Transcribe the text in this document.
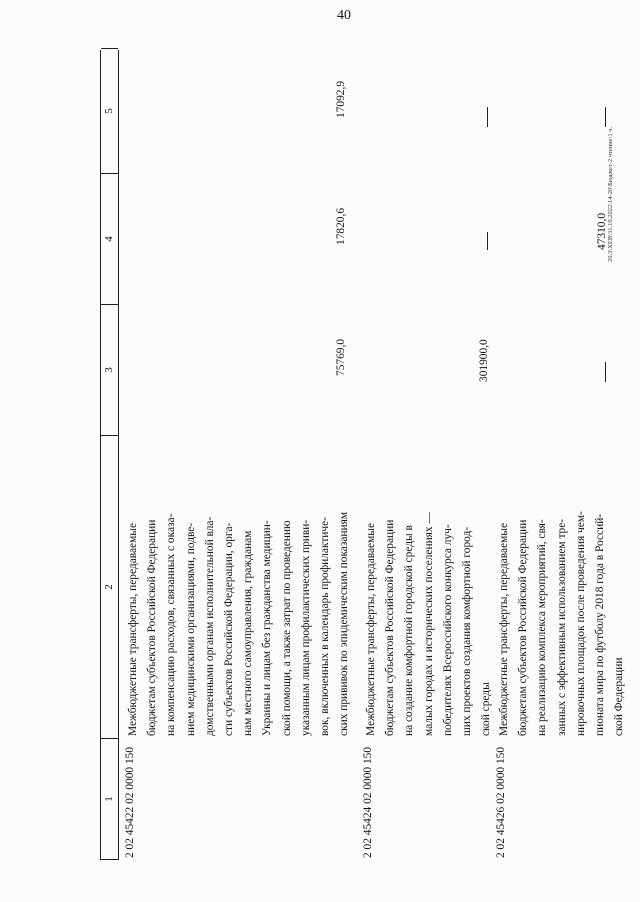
40
1
2
3
4
5
2 02 45422 02 0000 150
Межбюджетные трансферты, передаваемые бюджетам субъектов Российской Федерации на компенсацию расходов, связанных с оказа- нием медицинскими организациями, подве- домственными органам исполнительной вла- сти субъектов Российской Федерации, орга- нам местного самоуправления, гражданам Украины и лицам без гражданства медицин- ской помощи, а также затрат по проведению указанным лицам профилактических приви- вок, включенных в календарь профилактиче- ских прививок по эпидемическим показаниям
75769,0
17820,6
17092,9
2 02 45424 02 0000 150
Межбюджетные трансферты, передаваемые бюджетам субъектов Российской Федерации на создание комфортной городской среды в малых городах и исторических поселениях — победителях Всероссийского конкурса луч- ших проектов создания комфортной город- ской среды
301900,0
2 02 45426 02 0000 150
Межбюджетные трансферты, передаваемые бюджетам субъектов Российской Федерации на реализацию комплекса мероприятий, свя- занных с эффективным использованием тре- нировочных площадок после проведения чем- пионата мира по футболу 2018 года в Россий- ской Федерации
47310,0 20.3\XEB\31.10.2022\14-20\Бюджет-2 чтение\1 ч.
